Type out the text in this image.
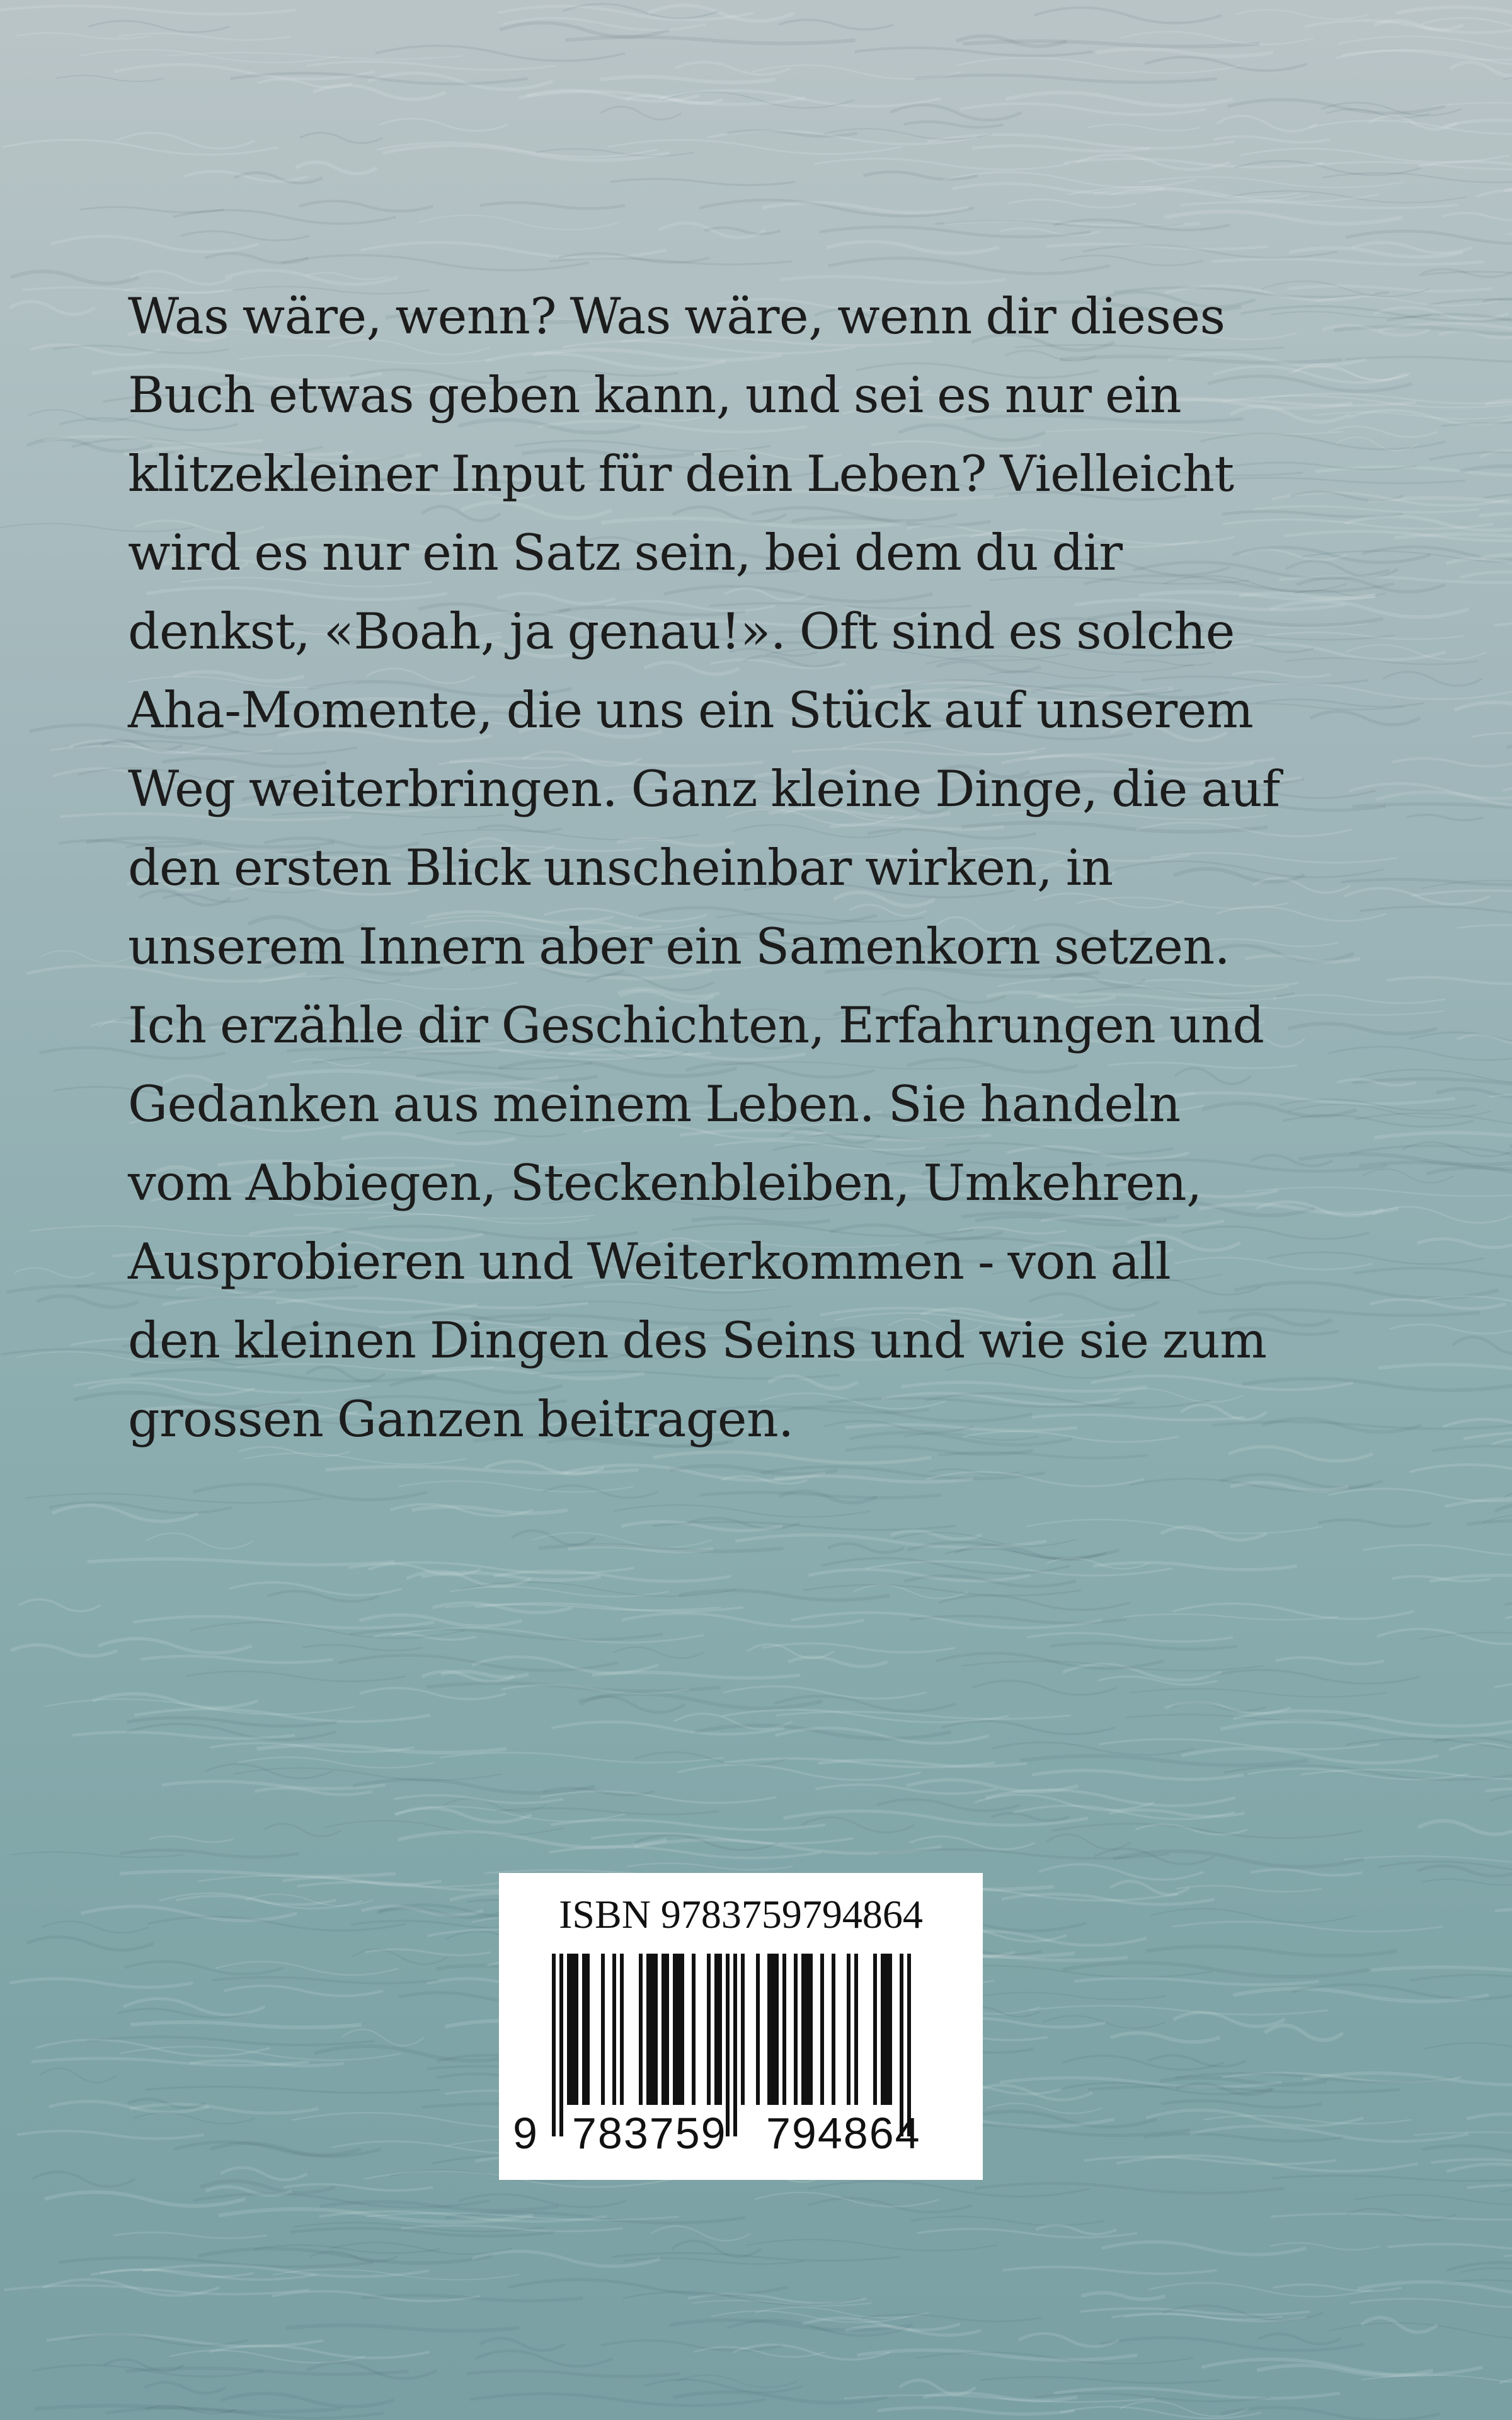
Was wäre, wenn? Was wäre, wenn dir dieses
Buch etwas geben kann, und sei es nur ein
klitzekleiner Input für dein Leben? Vielleicht
wird es nur ein Satz sein, bei dem du dir
denkst, «Boah, ja genau!». Oft sind es solche
Aha-Momente, die uns ein Stück auf unserem
Weg weiterbringen. Ganz kleine Dinge, die auf
den ersten Blick unscheinbar wirken, in
unserem Innern aber ein Samenkorn setzen.
Ich erzähle dir Geschichten, Erfahrungen und
Gedanken aus meinem Leben. Sie handeln
vom Abbiegen, Steckenbleiben, Umkehren,
Ausprobieren und Weiterkommen - von all
den kleinen Dingen des Seins und wie sie zum
grossen Ganzen beitragen.
ISBN 9783759794864
9 783759 794864
